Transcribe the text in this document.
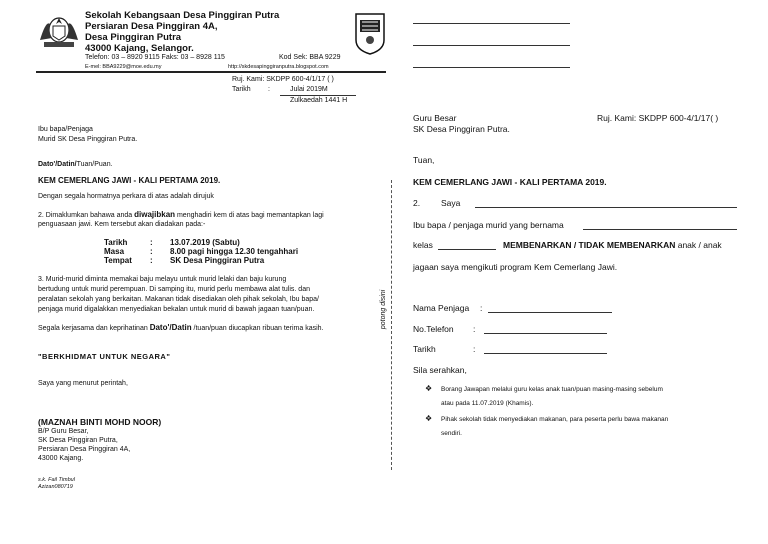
Sekolah Kebangsaan Desa Pinggiran Putra
Persiaran Desa Pinggiran 4A,
Desa Pinggiran Putra
43000 Kajang, Selangor.
Telefon: 03 – 8920 9115 Faks: 03 – 8928 115	Kod Sek: BBA 9229
E-mel: BBA9229@moe.edu.my	http://skdesapinggiranputra.blogspot.com
Ruj. Kami: SKDPP 600-4/1/17 ( )
Tarikh :	Julai 2019M
Zulkaedah 1441 H
Ibu bapa/Penjaga
Murid SK Desa Pinggiran Putra.
Dato'/Datin/Tuan/Puan.
KEM CEMERLANG JAWI - KALI PERTAMA 2019.
Dengan segala hormatnya perkara di atas adalah dirujuk
2. Dimaklumkan bahawa anda diwajibkan menghadiri kem di atas bagi memantapkan lagi
penguasaan jawi. Kem tersebut akan diadakan pada:-
Tarikh	: 13.07.2019 (Sabtu)
Masa	: 8.00 pagi hingga 12.30 tengahhari
Tempat : SK Desa Pinggiran Putra
3. Murid-murid diminta memakai baju melayu untuk murid lelaki dan baju kurung
bertudung untuk murid perempuan. Di samping itu, murid perlu membawa alat tulis. dan
peralatan sekolah yang berkaitan. Makanan tidak disediakan oleh pihak sekolah, Ibu bapa/
penjaga murid digalakkan menyediakan bekalan untuk murid di bawah jagaan tuan/puan.
Segala kerjasama dan keprihatinan Dato'/Datin /tuan/puan diucapkan ribuan terima kasih.
"BERKHIDMAT UNTUK NEGARA"
Saya yang menurut perintah,
(MAZNAH BINTI MOHD NOOR)
B/P Guru Besar,
SK Desa Pinggiran Putra,
Persiaran Desa Pinggiran 4A,
43000 Kajang.
s.k. Fail Timbul
Azizan080719
potong disini
Guru Besar
SK Desa Pinggiran Putra.
Ruj. Kami: SKDPP 600-4/1/17( )
Tuan,
KEM CEMERLANG JAWI - KALI PERTAMA 2019.
2. Saya
Ibu bapa / penjaga murid yang bernama
kelas	MEMBENARKAN / TIDAK MEMBENARKAN anak / anak
jagaan saya mengikuti program Kem Cemerlang Jawi.
Nama Penjaga :
No.Telefon :
Tarikh	:
Sila serahkan,
❖ Borang Jawapan melalui guru kelas anak tuan/puan masing-masing sebelum
atau pada 11.07.2019 (Khamis).
❖ Pihak sekolah tidak menyediakan makanan, para peserta perlu bawa makanan
sendiri.
